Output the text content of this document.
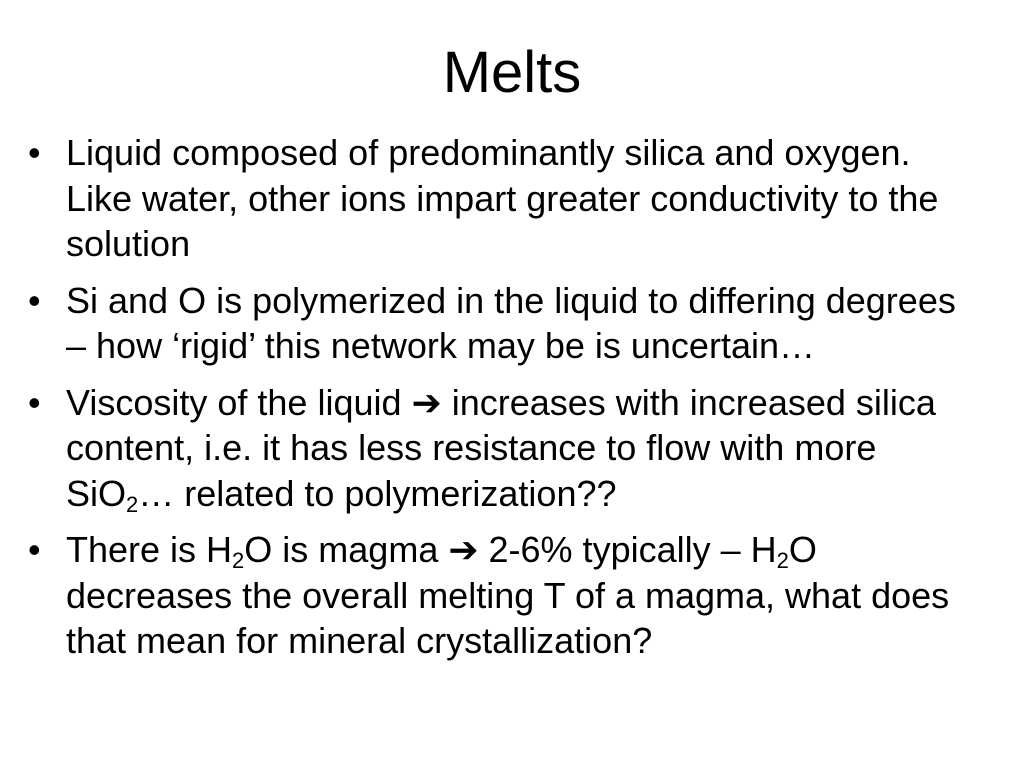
Melts
• Liquid composed of predominantly silica and oxygen. Like water, other ions impart greater conductivity to the solution
• Si and O is polymerized in the liquid to differing degrees – how ‘rigid’ this network may be is uncertain…
• Viscosity of the liquid ➔ increases with increased silica content, i.e. it has less resistance to flow with more SiO$_2$… related to polymerization??
• There is $H_2O$ is magma ➔ 2-6% typically – $H_2O$ decreases the overall melting T of a magma, what does that mean for mineral crystallization?
